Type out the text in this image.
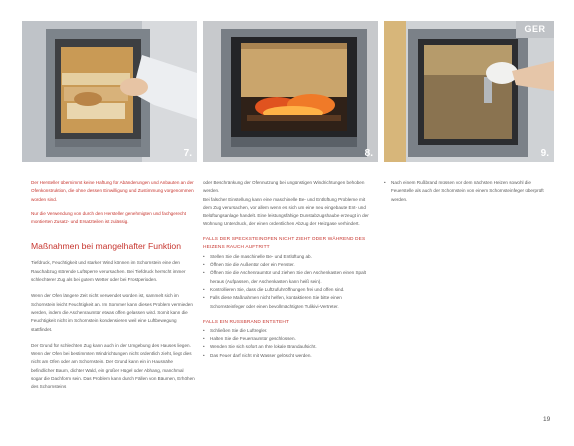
7.	8.
GER
9.

Der Hersteller übernimmt keine Haftung für Abänderungen und Anbauten an der Ofenkonstruktion, die ohne dessen Einwilligung und Zustimmung vorgenommen worden sind.

Nur die Verwendung von durch den Hersteller genehmigten und fachgerecht montierten Zusatz- und Ersatzteilen ist zulässig.

Maßnahmen bei mangelhafter Funktion

Tiefdruck, Feuchtigkeit und starker Wind können im Schornstein eine den Rauchabzug störende Luftsperre verursachen. Bei Tiefdruck herrscht immer schlechterer Zug als bei gutem Wetter oder bei Frostperioden.

Wenn der Ofen längere Zeit nicht verwendet worden ist, sammelt sich im Schornstein leicht Feuchtigkeit an. Im Sommer kann dieses Problem vermieden werden, indem die Aschenraumtür etwas offen gelassen wird. Somit kann die Feuchtigkeit nicht im Schornstein kondensieren weil eine Luftbewegung stattfindet.

Der Grund für schlechten Zug kann auch in der Umgebung des Hauses liegen. Wenn der Ofen bei bestimmten Windrichtungen nicht ordentlich zieht, liegt dies nicht am Ofen oder am Schornstein. Der Grund kann ein in Hausnähe befindlicher Baum, dichter Wald, ein großer Hügel oder Abhang, manchmal sogar die Dachform sein. Das Problem kann durch Fällen von Bäumen, Erhöhen des Schornsteins

oder Beschränkung der Ofennutzung bei ungünstigen Windrichtungen behoben werden.

Bei falscher Einstellung kann eine maschinelle Be- und Entlüftung Probleme mit dem Zug verursachen, vor allem wenn es sich um eine neu eingebaute Ent- und Belüftungsanlage handelt. Eine leistungsfähige Dunstabzugshaube erzeugt in der Wohnung Unterdruck, der einen ordentlichen Abzug der Heizgase verhindert.

FALLS DER SPECKSTEINOFEN NICHT ZIEHT ODER WÄHREND DES HEIZENS RAUCH AUFTRITT
• Stellen Sie die maschinelle Be- und Entlüftung ab.
• Öffnen Sie die Außentür oder ein Fenster.
• Öffnen Sie die Aschenraumtür und ziehen Sie den Aschenkasten einen Spalt heraus (Aufpassen, der Aschenkasten kann heiß sein).
• Kontrollieren Sie, dass die Luftzufuhröffnungen frei und offen sind.
• Falls diese Maßnahmen nicht helfen, kontaktieren Sie bitte einen Schornsteinfeger oder einen bevollmächtigten Tulikivi-Vertreter.
FALLS EIN RUSSBRAND ENTSTEHT
• Schließen Sie die Luftregler.
• Halten Sie die Feuerraumtür geschlossen.
• Wenden Sie sich sofort an Ihre lokale Brandaufsicht.
• Das Feuer darf nicht mit Wasser gelöscht werden.
• Nach einem Rußbrand müssen vor dem nächsten Heizen sowohl die Feuerstelle als auch der Schornstein von einem Schornsteinfeger überprüft werden.
19
